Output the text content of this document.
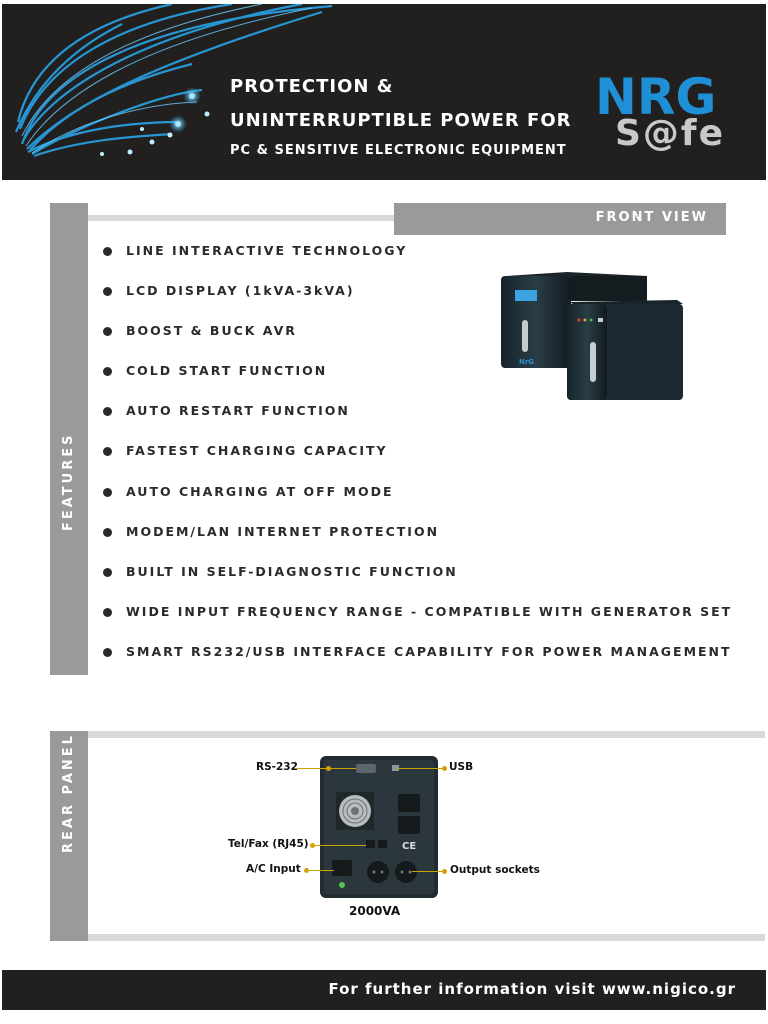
PROTECTION &
UNINTERRUPTIBLE POWER FOR
PC & SENSITIVE ELECTRONIC EQUIPMENT
NRG
S@fe
FEATURES
FRONT VIEW
LINE INTERACTIVE TECHNOLOGY
LCD DISPLAY (1kVA-3kVA)
BOOST & BUCK AVR
COLD START FUNCTION
AUTO RESTART FUNCTION
FASTEST CHARGING CAPACITY
AUTO CHARGING AT OFF MODE
MODEM/LAN INTERNET PROTECTION
BUILT IN SELF-DIAGNOSTIC FUNCTION
WIDE INPUT FREQUENCY RANGE - COMPATIBLE WITH GENERATOR SET
SMART RS232/USB INTERFACE CAPABILITY FOR POWER MANAGEMENT
NrG
REAR PANEL	CE
RS-232	USB
Tel/Fax (RJ45)
A/C Input	Output sockets
2000VA
For further information visit www.nigico.gr
